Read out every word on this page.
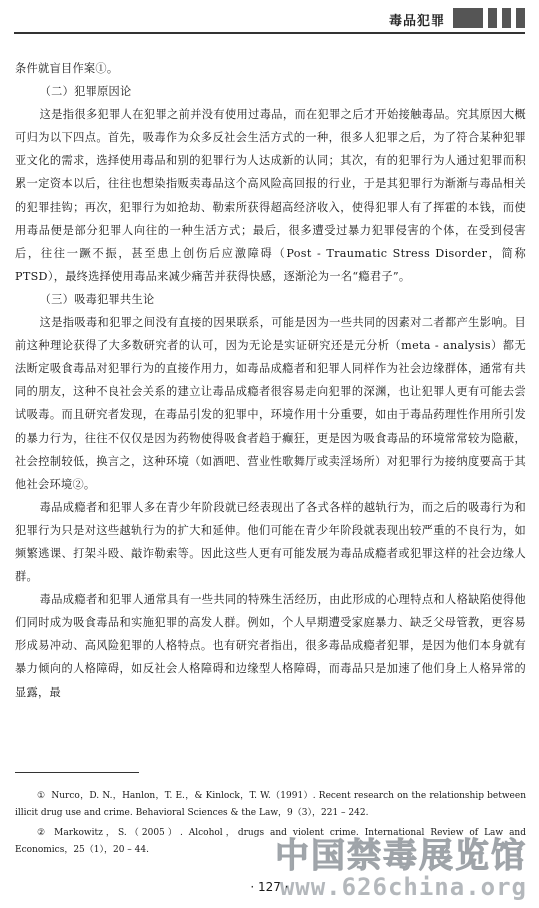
毒品犯罪

条件就盲目作案①。

（二）犯罪原因论

这是指很多犯罪人在犯罪之前并没有使用过毒品，而在犯罪之后才开始接触毒品。究其原因大概可归为以下四点。首先，吸毒作为众多反社会生活方式的一种，很多人犯罪之后，为了符合某种犯罪亚文化的需求，选择使用毒品和别的犯罪行为人达成新的认同；其次，有的犯罪行为人通过犯罪而积累一定资本以后，往往也想染指贩卖毒品这个高风险高回报的行业，于是其犯罪行为渐渐与毒品相关的犯罪挂钩；再次，犯罪行为如抢劫、勒索所获得超高经济收入，使得犯罪人有了挥霍的本钱，而使用毒品便是部分犯罪人向往的一种生活方式；最后，很多遭受过暴力犯罪侵害的个体，在受到侵害后，往往一蹶不振，甚至患上创伤后应激障碍（Post - Traumatic Stress Disorder，简称 PTSD），最终选择使用毒品来减少痛苦并获得快感，逐渐沦为一名“瘾君子”。

（三）吸毒犯罪共生论

这是指吸毒和犯罪之间没有直接的因果联系，可能是因为一些共同的因素对二者都产生影响。目前这种理论获得了大多数研究者的认可，因为无论是实证研究还是元分析（meta - analysis）都无法断定吸食毒品对犯罪行为的直接作用力，如毒品成瘾者和犯罪人同样作为社会边缘群体，通常有共同的朋友，这种不良社会关系的建立让毒品成瘾者很容易走向犯罪的深渊，也让犯罪人更有可能去尝试吸毒。而且研究者发现，在毒品引发的犯罪中，环境作用十分重要，如由于毒品药理性作用所引发的暴力行为，往往不仅仅是因为药物使得吸食者趋于癫狂，更是因为吸食毒品的环境常常较为隐蔽，社会控制较低，换言之，这种环境（如酒吧、营业性歌舞厅或卖淫场所）对犯罪行为接纳度要高于其他社会环境②。

毒品成瘾者和犯罪人多在青少年阶段就已经表现出了各式各样的越轨行为，而之后的吸毒行为和犯罪行为只是对这些越轨行为的扩大和延伸。他们可能在青少年阶段就表现出较严重的不良行为，如频繁逃课、打架斗殴、敲诈勒索等。因此这些人更有可能发展为毒品成瘾者或犯罪这样的社会边缘人群。

毒品成瘾者和犯罪人通常具有一些共同的特殊生活经历，由此形成的心理特点和人格缺陷使得他们同时成为吸食毒品和实施犯罪的高发人群。例如，个人早期遭受家庭暴力、缺乏父母管教，更容易形成易冲动、高风险犯罪的人格特点。也有研究者指出，很多毒品成瘾者犯罪，是因为他们本身就有暴力倾向的人格障碍，如反社会人格障碍和边缘型人格障碍，而毒品只是加速了他们身上人格异常的显露，最

① Nurco，D. N.，Hanlon，T. E.，& Kinlock，T. W.（1991）. Recent research on the relationship between illicit drug use and crime. Behavioral Sciences & the Law，9（3），221 – 242.

② Markowitz，S.（2005）. Alcohol，drugs and violent crime. International Review of Law and Economics，25（1），20 – 44.	中国禁毒展览馆
www.626china.org
· 127 ·
